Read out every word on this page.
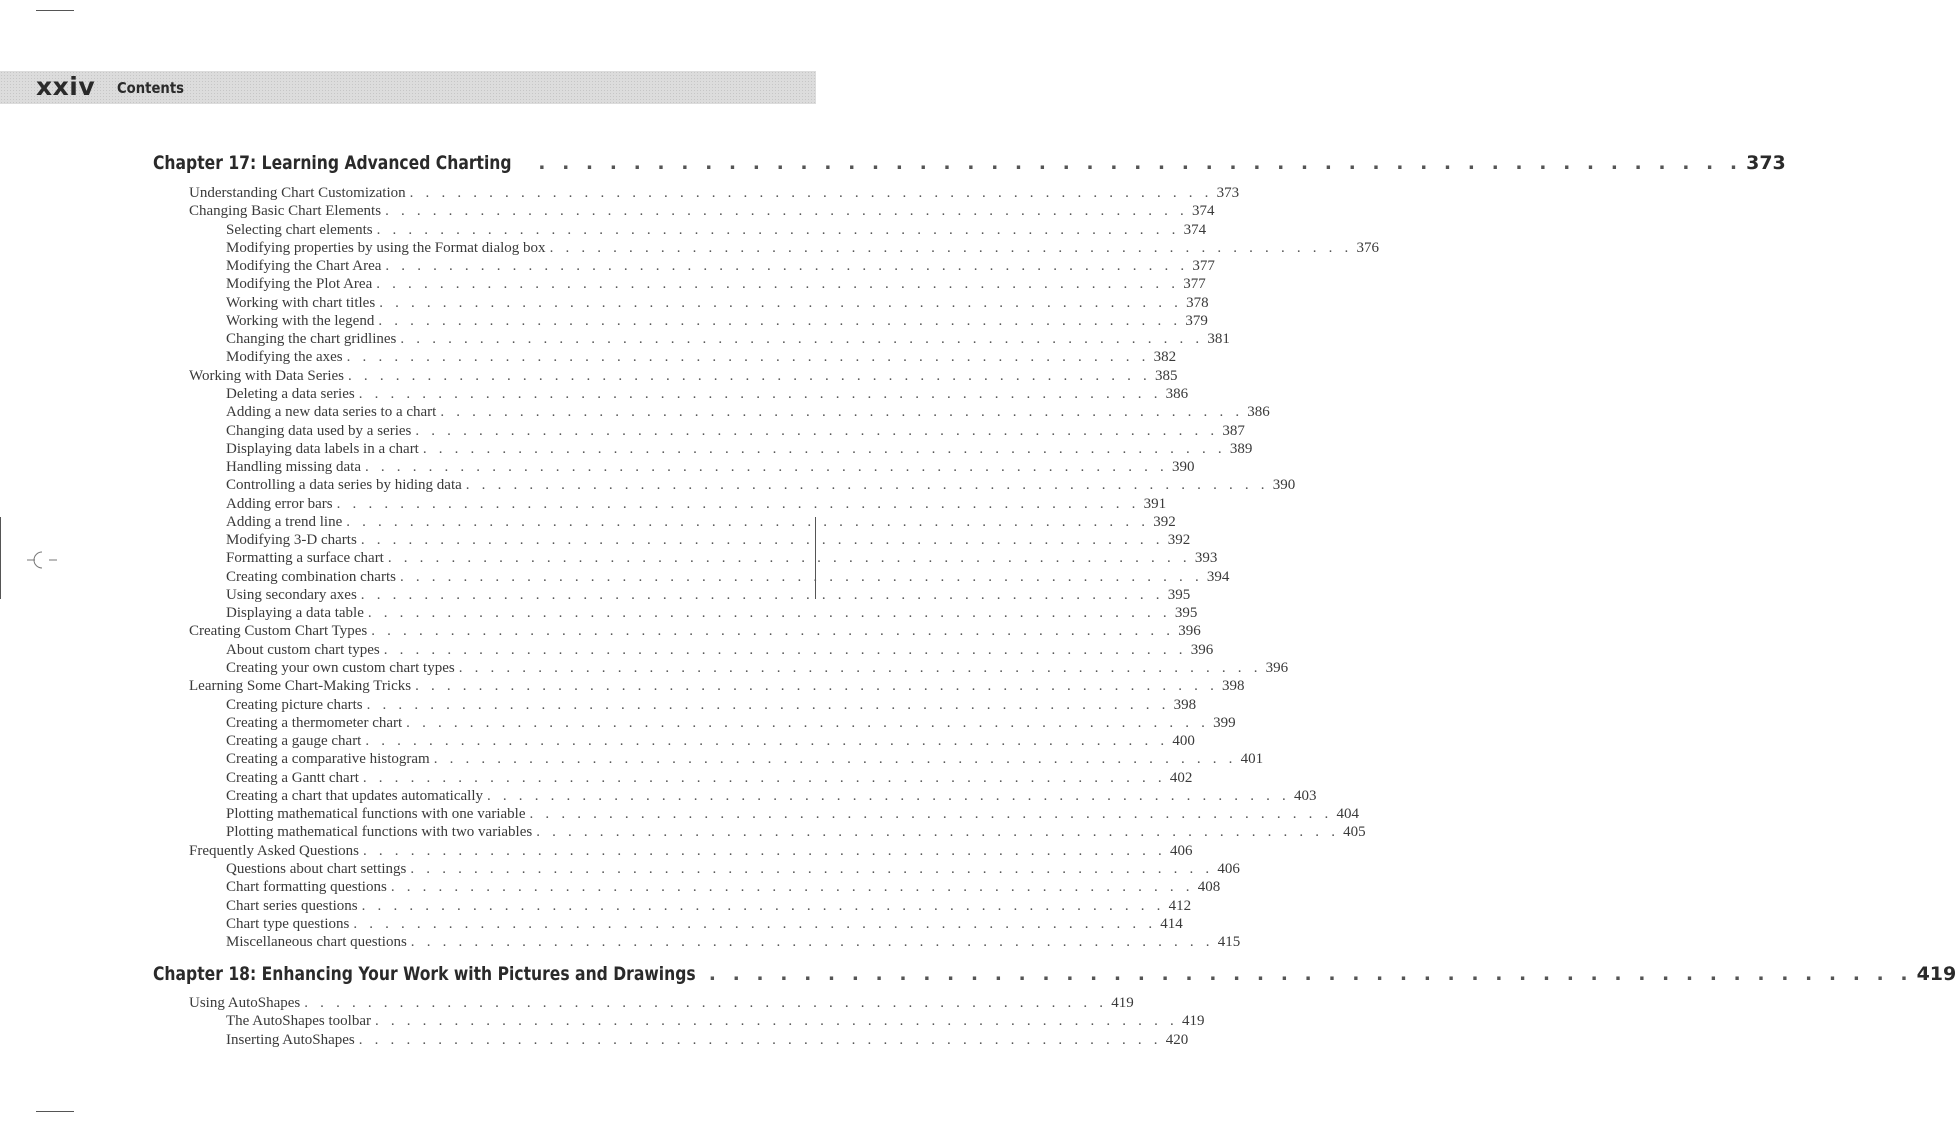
xxiv Contents
Chapter 17: Learning Advanced Charting . . . . . . . . . . . . . . . . . . . . . . . . . . . . . . . . . . . . . . . . . . . . . . . . . . . 373
Understanding Chart Customization . . . . . . . . . . . . . . . . . . . . . . . . . . . . . . . . . . . . . . . . . . . . . . . . . . . 373
Changing Basic Chart Elements . . . . . . . . . . . . . . . . . . . . . . . . . . . . . . . . . . . . . . . . . . . . . . . . . . . 374
Selecting chart elements . . . . . . . . . . . . . . . . . . . . . . . . . . . . . . . . . . . . . . . . . . . . . . . . . . . 374
Modifying properties by using the Format dialog box . . . . . . . . . . . . . . . . . . . . . . . . . . . . . . . . . . . . . . . . . . . . . . . . . . . 376
Modifying the Chart Area . . . . . . . . . . . . . . . . . . . . . . . . . . . . . . . . . . . . . . . . . . . . . . . . . . . 377
Modifying the Plot Area . . . . . . . . . . . . . . . . . . . . . . . . . . . . . . . . . . . . . . . . . . . . . . . . . . . 377
Working with chart titles . . . . . . . . . . . . . . . . . . . . . . . . . . . . . . . . . . . . . . . . . . . . . . . . . . . 378
Working with the legend . . . . . . . . . . . . . . . . . . . . . . . . . . . . . . . . . . . . . . . . . . . . . . . . . . . 379
Changing the chart gridlines . . . . . . . . . . . . . . . . . . . . . . . . . . . . . . . . . . . . . . . . . . . . . . . . . . . 381
Modifying the axes . . . . . . . . . . . . . . . . . . . . . . . . . . . . . . . . . . . . . . . . . . . . . . . . . . . 382
Working with Data Series . . . . . . . . . . . . . . . . . . . . . . . . . . . . . . . . . . . . . . . . . . . . . . . . . . . 385
Deleting a data series . . . . . . . . . . . . . . . . . . . . . . . . . . . . . . . . . . . . . . . . . . . . . . . . . . . 386
Adding a new data series to a chart . . . . . . . . . . . . . . . . . . . . . . . . . . . . . . . . . . . . . . . . . . . . . . . . . . . 386
Changing data used by a series . . . . . . . . . . . . . . . . . . . . . . . . . . . . . . . . . . . . . . . . . . . . . . . . . . . 387
Displaying data labels in a chart . . . . . . . . . . . . . . . . . . . . . . . . . . . . . . . . . . . . . . . . . . . . . . . . . . . 389
Handling missing data . . . . . . . . . . . . . . . . . . . . . . . . . . . . . . . . . . . . . . . . . . . . . . . . . . . 390
Controlling a data series by hiding data . . . . . . . . . . . . . . . . . . . . . . . . . . . . . . . . . . . . . . . . . . . . . . . . . . . 390
Adding error bars . . . . . . . . . . . . . . . . . . . . . . . . . . . . . . . . . . . . . . . . . . . . . . . . . . . 391
Adding a trend line . . . . . . . . . . . . . . . . . . . . . . . . . . . . . . . . . . . . . . . . . . . . . . . . . . . 392
Modifying 3-D charts . . . . . . . . . . . . . . . . . . . . . . . . . . . . . . . . . . . . . . . . . . . . . . . . . . . 392
Formatting a surface chart . . . . . . . . . . . . . . . . . . . . . . . . . . . . . . . . . . . . . . . . . . . . . . . . . . . 393
Creating combination charts . . . . . . . . . . . . . . . . . . . . . . . . . . . . . . . . . . . . . . . . . . . . . . . . . . . 394
Using secondary axes . . . . . . . . . . . . . . . . . . . . . . . . . . . . . . . . . . . . . . . . . . . . . . . . . . . 395
Displaying a data table . . . . . . . . . . . . . . . . . . . . . . . . . . . . . . . . . . . . . . . . . . . . . . . . . . . 395
Creating Custom Chart Types . . . . . . . . . . . . . . . . . . . . . . . . . . . . . . . . . . . . . . . . . . . . . . . . . . . 396
About custom chart types . . . . . . . . . . . . . . . . . . . . . . . . . . . . . . . . . . . . . . . . . . . . . . . . . . . 396
Creating your own custom chart types . . . . . . . . . . . . . . . . . . . . . . . . . . . . . . . . . . . . . . . . . . . . . . . . . . . 396
Learning Some Chart-Making Tricks . . . . . . . . . . . . . . . . . . . . . . . . . . . . . . . . . . . . . . . . . . . . . . . . . . . 398
Creating picture charts . . . . . . . . . . . . . . . . . . . . . . . . . . . . . . . . . . . . . . . . . . . . . . . . . . . 398
Creating a thermometer chart . . . . . . . . . . . . . . . . . . . . . . . . . . . . . . . . . . . . . . . . . . . . . . . . . . . 399
Creating a gauge chart . . . . . . . . . . . . . . . . . . . . . . . . . . . . . . . . . . . . . . . . . . . . . . . . . . . 400
Creating a comparative histogram . . . . . . . . . . . . . . . . . . . . . . . . . . . . . . . . . . . . . . . . . . . . . . . . . . . 401
Creating a Gantt chart . . . . . . . . . . . . . . . . . . . . . . . . . . . . . . . . . . . . . . . . . . . . . . . . . . . 402
Creating a chart that updates automatically . . . . . . . . . . . . . . . . . . . . . . . . . . . . . . . . . . . . . . . . . . . . . . . . . . . 403
Plotting mathematical functions with one variable . . . . . . . . . . . . . . . . . . . . . . . . . . . . . . . . . . . . . . . . . . . . . . . . . . . 404
Plotting mathematical functions with two variables . . . . . . . . . . . . . . . . . . . . . . . . . . . . . . . . . . . . . . . . . . . . . . . . . . . 405
Frequently Asked Questions . . . . . . . . . . . . . . . . . . . . . . . . . . . . . . . . . . . . . . . . . . . . . . . . . . . 406
Questions about chart settings . . . . . . . . . . . . . . . . . . . . . . . . . . . . . . . . . . . . . . . . . . . . . . . . . . . 406
Chart formatting questions . . . . . . . . . . . . . . . . . . . . . . . . . . . . . . . . . . . . . . . . . . . . . . . . . . . 408
Chart series questions . . . . . . . . . . . . . . . . . . . . . . . . . . . . . . . . . . . . . . . . . . . . . . . . . . . 412
Chart type questions . . . . . . . . . . . . . . . . . . . . . . . . . . . . . . . . . . . . . . . . . . . . . . . . . . . 414
Miscellaneous chart questions . . . . . . . . . . . . . . . . . . . . . . . . . . . . . . . . . . . . . . . . . . . . . . . . . . . 415
Chapter 18: Enhancing Your Work with Pictures and Drawings . . . . . . . . . . . . . . . . . . . . . . . . . . . . . . . . . . . . . . . . . . . . . . . . . . . 419
Using AutoShapes . . . . . . . . . . . . . . . . . . . . . . . . . . . . . . . . . . . . . . . . . . . . . . . . . . . 419
The AutoShapes toolbar . . . . . . . . . . . . . . . . . . . . . . . . . . . . . . . . . . . . . . . . . . . . . . . . . . . 419
Inserting AutoShapes . . . . . . . . . . . . . . . . . . . . . . . . . . . . . . . . . . . . . . . . . . . . . . . . . . . 420
